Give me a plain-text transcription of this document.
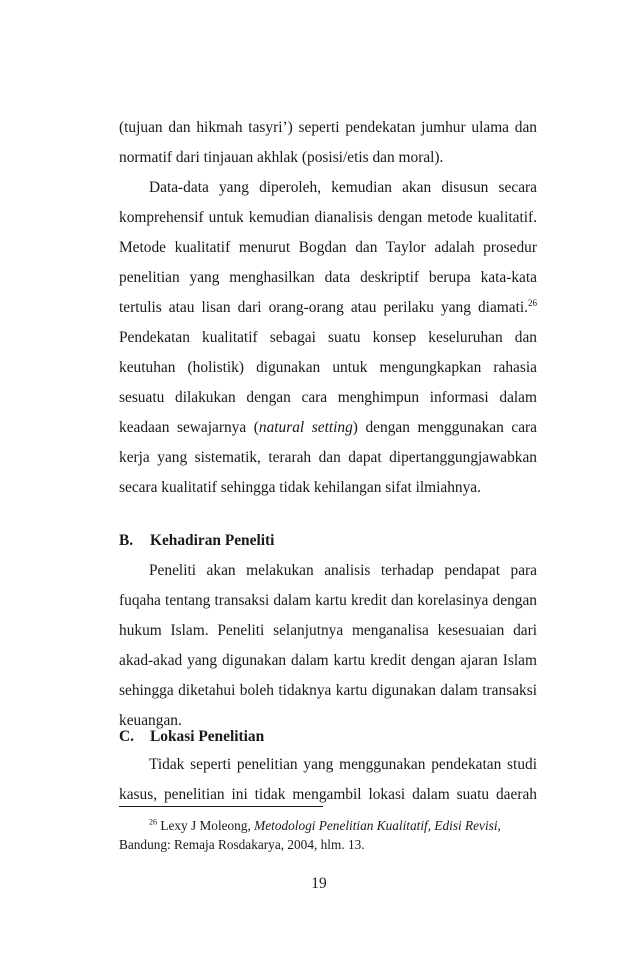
(tujuan dan hikmah tasyri’) seperti pendekatan jumhur ulama dan
normatif dari tinjauan akhlak (posisi/etis dan moral).
Data-data yang diperoleh, kemudian akan disusun secara
komprehensif untuk kemudian dianalisis dengan metode kualitatif.
Metode kualitatif menurut Bogdan dan Taylor adalah prosedur
penelitian yang menghasilkan data deskriptif berupa kata-kata
tertulis atau lisan dari orang-orang atau perilaku yang diamati.$^{26}$
Pendekatan kualitatif sebagai suatu konsep keseluruhan dan
keutuhan (holistik) digunakan untuk mengungkapkan rahasia
sesuatu dilakukan dengan cara menghimpun informasi dalam
keadaan sewajarnya (natural setting) dengan menggunakan cara
kerja yang sistematik, terarah dan dapat dipertanggungjawabkan
secara kualitatif sehingga tidak kehilangan sifat ilmiahnya.
B. Kehadiran Peneliti
Peneliti akan melakukan analisis terhadap pendapat para
fuqaha tentang transaksi dalam kartu kredit dan korelasinya dengan
hukum Islam. Peneliti selanjutnya menganalisa kesesuaian dari
akad-akad yang digunakan dalam kartu kredit dengan ajaran Islam
sehingga diketahui boleh tidaknya kartu digunakan dalam transaksi
keuangan.
C. Lokasi Penelitian
Tidak seperti penelitian yang menggunakan pendekatan studi
$^{26}$ Lexy J Moleong, Metodologi Penelitian Kualitatif, Edisi Revisi,
Bandung: Remaja Rosdakarya, 2004, hlm. 13.
19
kasus, penelitian ini tidak mengambil lokasi dalam suatu daerah
